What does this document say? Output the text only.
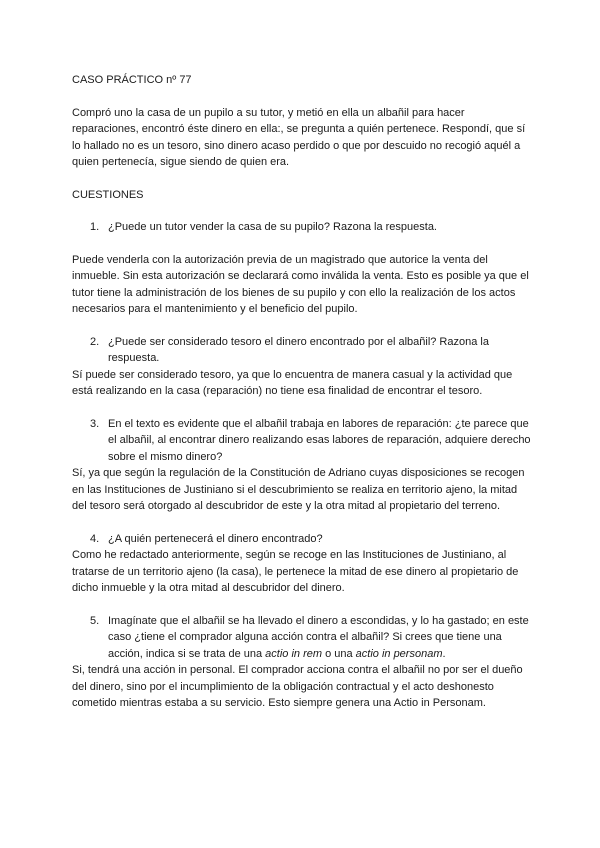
CASO PRÁCTICO nº 77

Compró uno la casa de un pupilo a su tutor, y metió en ella un albañil para hacer reparaciones, encontró éste dinero en ella:, se pregunta a quién pertenece. Respondí, que sí lo hallado no es un tesoro, sino dinero acaso perdido o que por descuido no recogió aquél a quien pertenecía, sigue siendo de quien era.

CUESTIONES

1. ¿Puede un tutor vender la casa de su pupilo? Razona la respuesta.

Puede venderla con la autorización previa de un magistrado que autorice la venta del inmueble. Sin esta autorización se declarará como inválida la venta. Esto es posible ya que el tutor tiene la administración de los bienes de su pupilo y con ello la realización de los actos necesarios para el mantenimiento y el beneficio del pupilo.

2. ¿Puede ser considerado tesoro el dinero encontrado por el albañil? Razona la respuesta.

Sí puede ser considerado tesoro, ya que lo encuentra de manera casual y la actividad que está realizando en la casa (reparación) no tiene esa finalidad de encontrar el tesoro.

3. En el texto es evidente que el albañil trabaja en labores de reparación: ¿te parece que el albañil, al encontrar dinero realizando esas labores de reparación, adquiere derecho sobre el mismo dinero?

Sí, ya que según la regulación de la Constitución de Adriano cuyas disposiciones se recogen en las Instituciones de Justiniano si el descubrimiento se realiza en territorio ajeno, la mitad del tesoro será otorgado al descubridor de este y la otra mitad al propietario del terreno.

4. ¿A quién pertenecerá el dinero encontrado?

Como he redactado anteriormente, según se recoge en las Instituciones de Justiniano, al tratarse de un territorio ajeno (la casa), le pertenece la mitad de ese dinero al propietario de dicho inmueble y la otra mitad al descubridor del dinero.

5. Imagínate que el albañil se ha llevado el dinero a escondidas, y lo ha gastado; en este caso ¿tiene el comprador alguna acción contra el albañil? Si crees que tiene una acción, indica si se trata de una actio in rem o una actio in personam.

Si, tendrá una acción in personal. El comprador acciona contra el albañil no por ser el dueño del dinero, sino por el incumplimiento de la obligación contractual y el acto deshonesto cometido mientras estaba a su servicio. Esto siempre genera una Actio in Personam.
